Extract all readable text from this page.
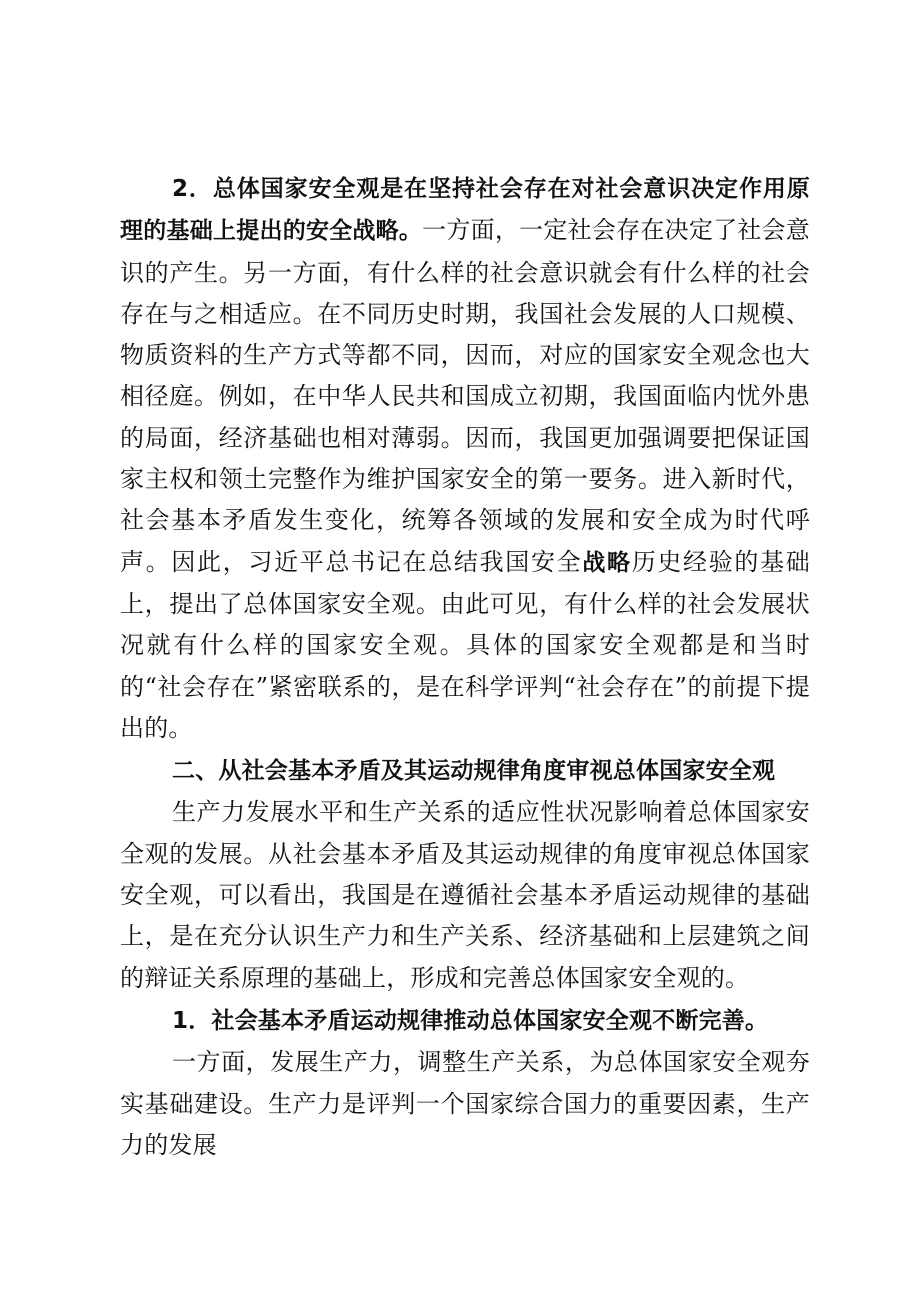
2．总体国家安全观是在坚持社会存在对社会意识决定作用原理的基础上提出的安全战略。一方面，一定社会存在决定了社会意识的产生。另一方面，有什么样的社会意识就会有什么样的社会存在与之相适应。在不同历史时期，我国社会发展的人口规模、物质资料的生产方式等都不同，因而，对应的国家安全观念也大相径庭。例如，在中华人民共和国成立初期，我国面临内忧外患的局面，经济基础也相对薄弱。因而，我国更加强调要把保证国家主权和领土完整作为维护国家安全的第一要务。进入新时代，社会基本矛盾发生变化，统筹各领域的发展和安全成为时代呼声。因此，习近平总书记在总结我国安全战略历史经验的基础上，提出了总体国家安全观。由此可见，有什么样的社会发展状况就有什么样的国家安全观。具体的国家安全观都是和当时的“社会存在”紧密联系的，是在科学评判“社会存在”的前提下提出的。

二、从社会基本矛盾及其运动规律角度审视总体国家安全观

生产力发展水平和生产关系的适应性状况影响着总体国家安全观的发展。从社会基本矛盾及其运动规律的角度审视总体国家安全观，可以看出，我国是在遵循社会基本矛盾运动规律的基础上，是在充分认识生产力和生产关系、经济基础和上层建筑之间的辩证关系原理的基础上，形成和完善总体国家安全观的。

1．社会基本矛盾运动规律推动总体国家安全观不断完善。

一方面，发展生产力，调整生产关系，为总体国家安全观夯实基础建设。生产力是评判一个国家综合国力的重要因素，生产力的发展
